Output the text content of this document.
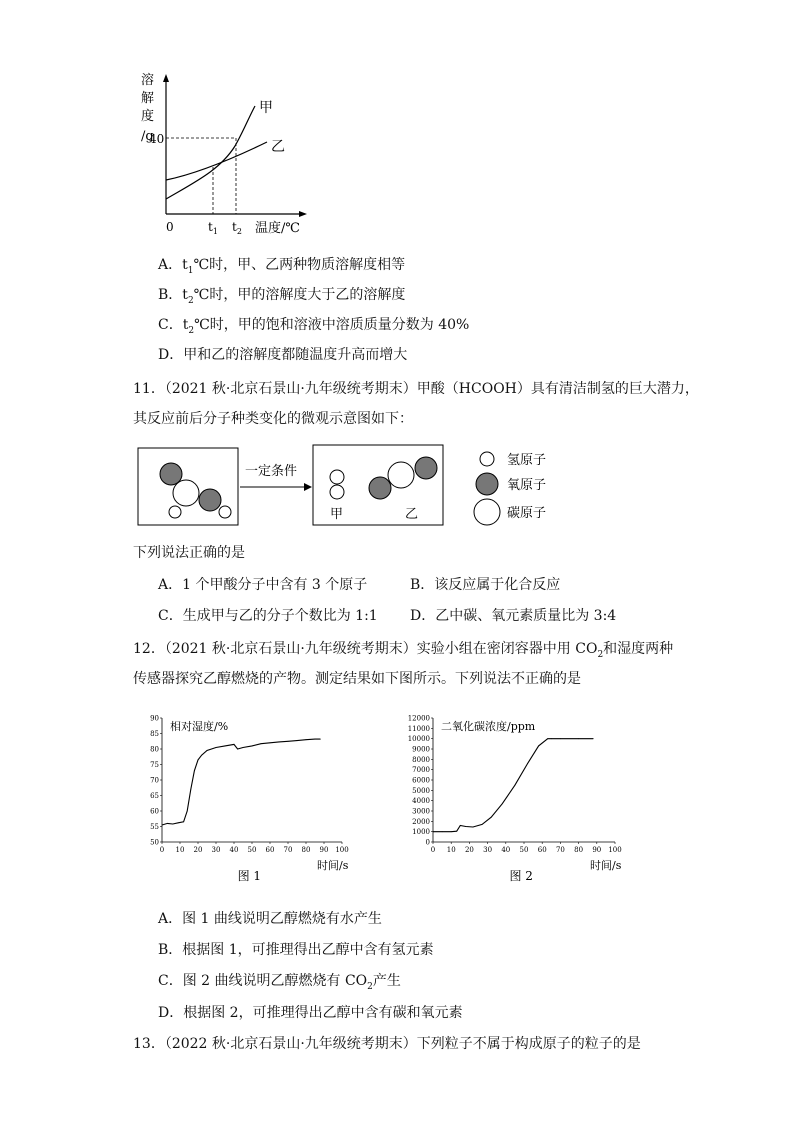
溶
解
度
/g
40
0	$t_1$ $t_2$ 温度/℃
甲
乙
A．$t_1℃$时，甲、乙两种物质溶解度相等
B．$t_2℃$时，甲的溶解度大于乙的溶解度
C．$t_2℃$时，甲的饱和溶液中溶质质量分数为 40%
D．甲和乙的溶解度都随温度升高而增大
11．（2021 秋·北京石景山·九年级统考期末）甲酸（HCOOH）具有清洁制氢的巨大潜力，
其反应前后分子种类变化的微观示意图如下：
一定条件
甲	乙
氢原子
氧原子
碳原子
下列说法正确的是
A．1 个甲酸分子中含有 3 个原子	B．该反应属于化合反应
C．生成甲与乙的分子个数比为 1:1 D．乙中碳、氧元素质量比为 3:4
12．（2021 秋·北京石景山·九年级统考期末）实验小组在密闭容器中用 $CO_2$和湿度两种
传感器探究乙醇燃烧的产物。测定结果如下图所示。下列说法不正确的是
50
55
60
65
70
75
80
85
90
0 10 20 30 40 50 60 70 80 90 100
相对湿度/%
时间/s
图 1
0
1000
2000
3000
4000
5000
6000
7000
8000
9000
10000
11000
12000
0 10 20 30 40 50 60 70 80 90 100
二氧化碳浓度/ppm
时间/s
图 2
A．图 1 曲线说明乙醇燃烧有水产生
B．根据图 1，可推理得出乙醇中含有氢元素
C．图 2 曲线说明乙醇燃烧有 $CO_2$产生
D．根据图 2，可推理得出乙醇中含有碳和氧元素
13．（2022 秋·北京石景山·九年级统考期末）下列粒子不属于构成原子的粒子的是
